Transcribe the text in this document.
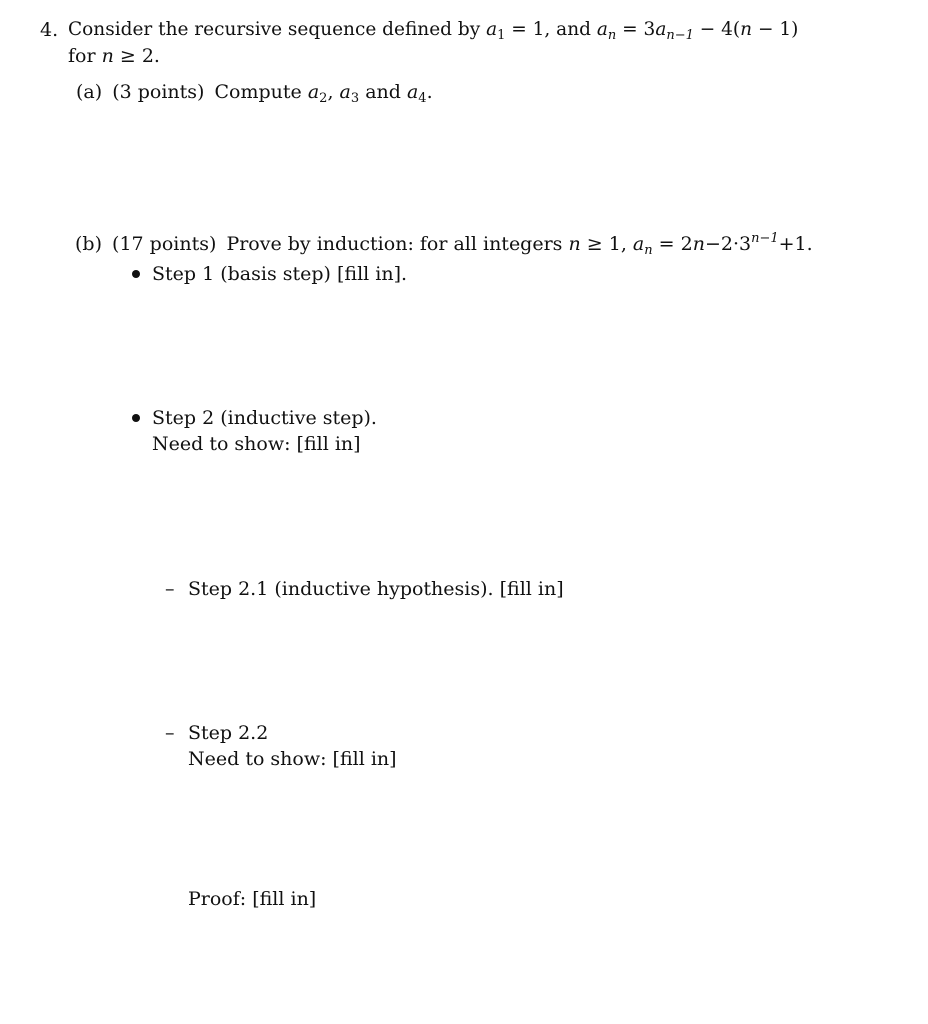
4. Consider the recursive sequence defined by $a_1 = 1$, and $a_n = 3a_{n-1} - 4(n - 1)$
for n ≥ 2.
(a) (3 points) Compute $a_2$, $a_3$ and $a_4$.
(b) (17 points) Prove by induction: for all integers n ≥ 1, $a_n = 2n-2\cdot 3^{n-1}+1$.
Step 1 (basis step) [fill in].
Step 2 (inductive step).
Need to show: [fill in]
– Step 2.1 (inductive hypothesis). [fill in]
– Step 2.2
Need to show: [fill in]
Proof: [fill in]
